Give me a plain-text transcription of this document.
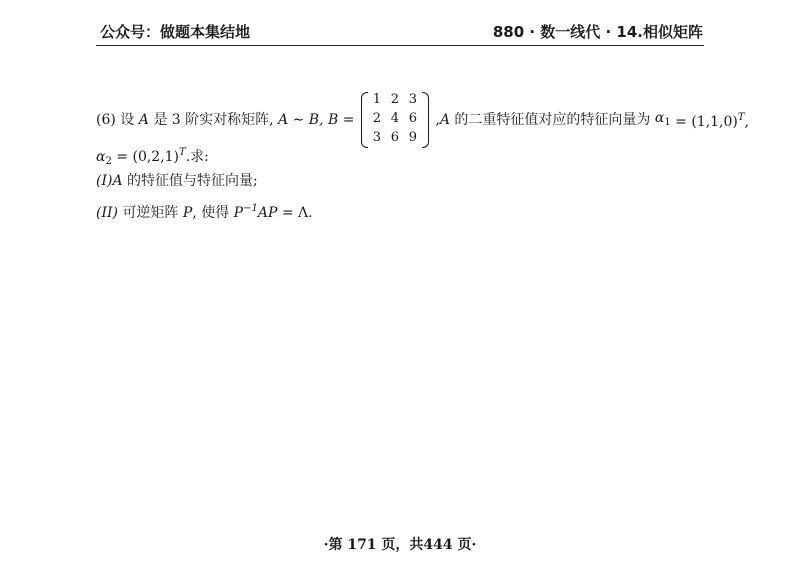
公众号：做题本集结地	880 · 数一线代 · 14.相似矩阵
(6) 设 A 是 3 阶实对称矩阵, A ∼ B, B =
1 2 3
2 4 6
3 6 9
,A 的二重特征值对应的特征向量为 $\alpha_1 = (1,1,0)^T$,
$\alpha_2 = (0,2,1)^T$.求:
(I)A 的特征值与特征向量;
(II) 可逆矩阵 P, 使得 $P^{-1}AP = \Lambda$.
·第 171 页，共444 页·
